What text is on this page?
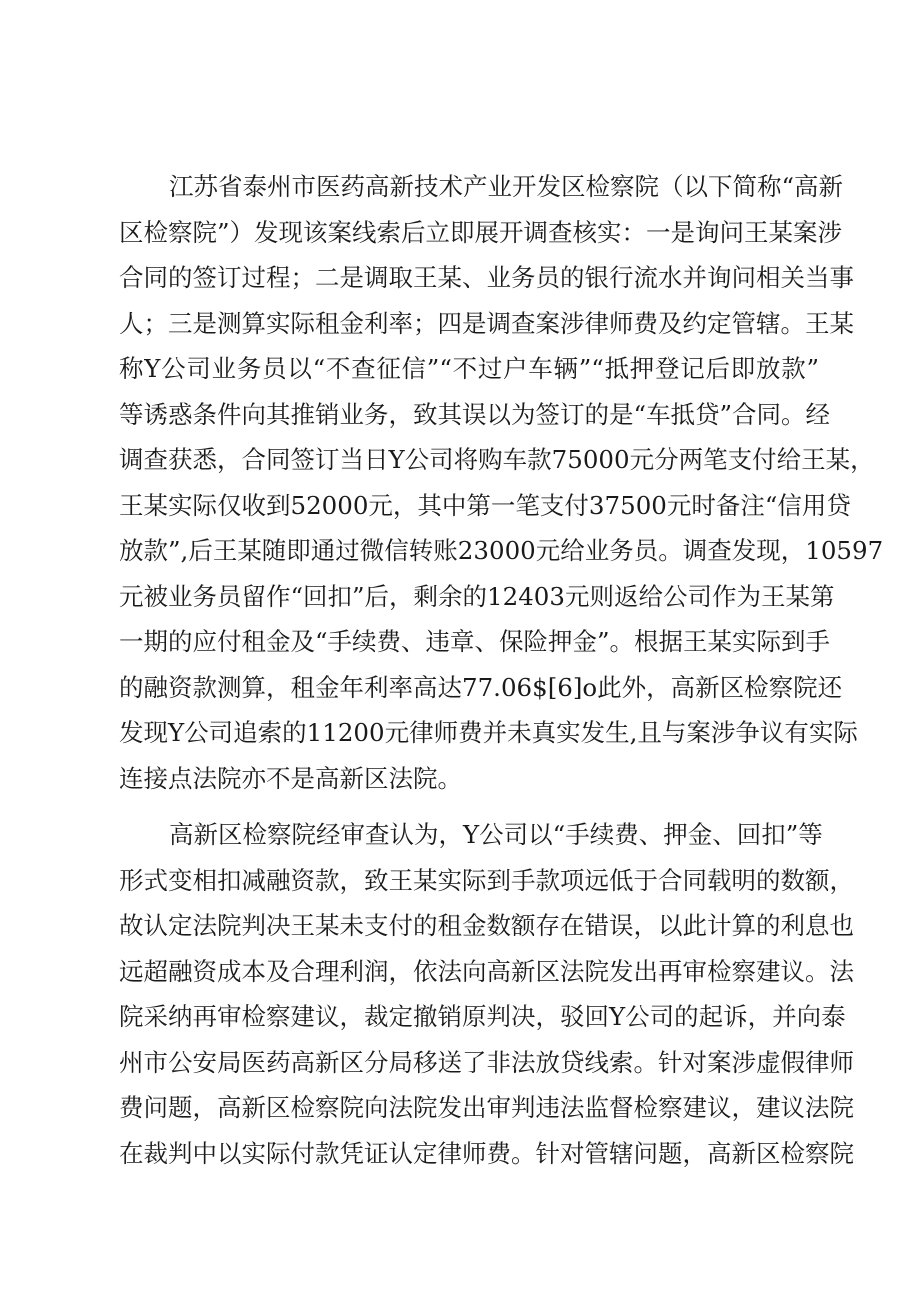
江苏省泰州市医药高新技术产业开发区检察院（以下简称“高新
区检察院”）发现该案线索后立即展开调查核实：一是询问王某案涉
合同的签订过程；二是调取王某、业务员的银行流水并询问相关当事
人；三是测算实际租金利率；四是调查案涉律师费及约定管辖。王某
称Y公司业务员以“不查征信”“不过户车辆”“抵押登记后即放款”
等诱惑条件向其推销业务，致其误以为签订的是“车抵贷”合同。经
调查获悉，合同签订当日Y公司将购车款75000元分两笔支付给王某，
王某实际仅收到52000元，其中第一笔支付37500元时备注“信用贷
放款”,后王某随即通过微信转账23000元给业务员。调查发现，10597
元被业务员留作“回扣”后，剩余的12403元则返给公司作为王某第
一期的应付租金及“手续费、违章、保险押金”。根据王某实际到手
的融资款测算，租金年利率高达77.06$[6]o此外，高新区检察院还
发现Y公司追索的11200元律师费并未真实发生,且与案涉争议有实际
连接点法院亦不是高新区法院。
高新区检察院经审查认为，Y公司以“手续费、押金、回扣”等
形式变相扣减融资款，致王某实际到手款项远低于合同载明的数额，
故认定法院判决王某未支付的租金数额存在错误，以此计算的利息也
远超融资成本及合理利润，依法向高新区法院发出再审检察建议。法
院采纳再审检察建议，裁定撤销原判决，驳回Y公司的起诉，并向泰
州市公安局医药高新区分局移送了非法放贷线索。针对案涉虚假律师
费问题，高新区检察院向法院发出审判违法监督检察建议，建议法院
在裁判中以实际付款凭证认定律师费。针对管辖问题，高新区检察院
